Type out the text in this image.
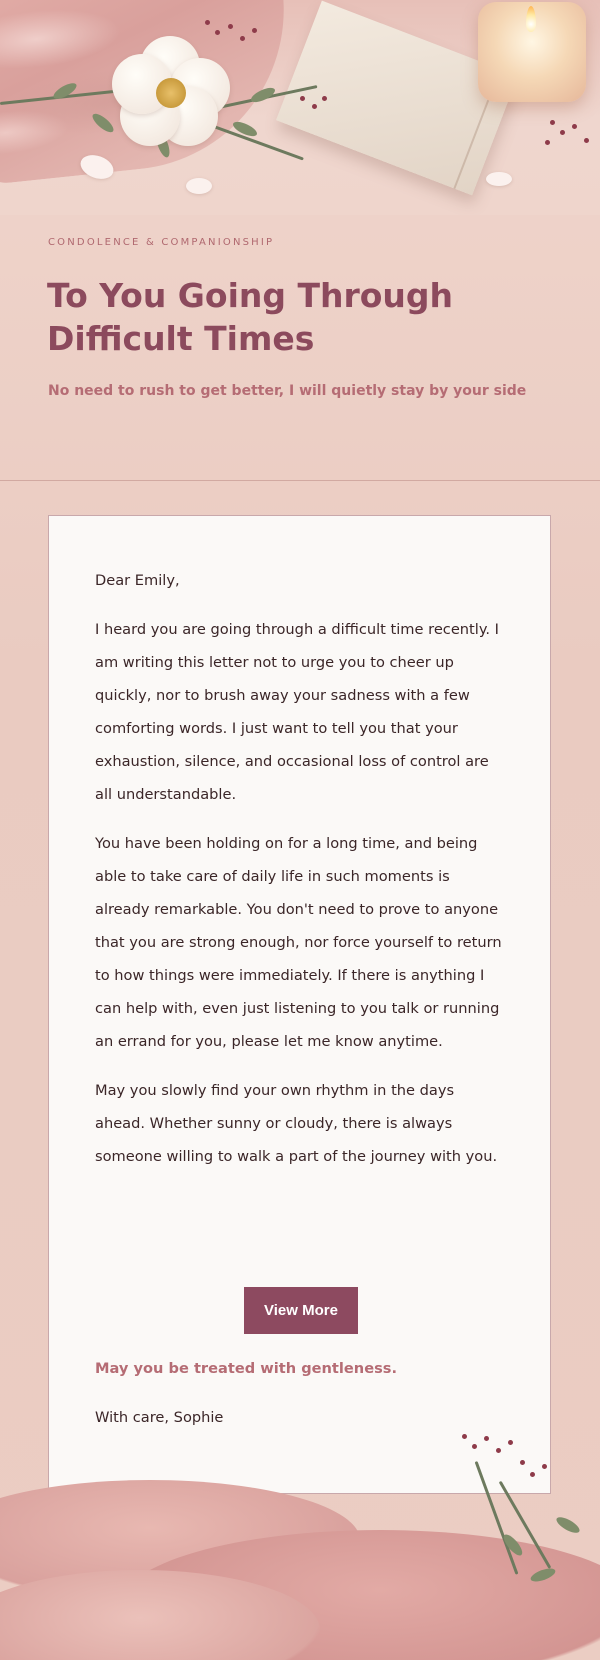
CONDOLENCE & COMPANIONSHIP
To You Going Through Difficult Times

No need to rush to get better, I will quietly stay by your side

Dear Emily,

I heard you are going through a difficult time recently. I am writing this letter not to urge you to cheer up quickly, nor to brush away your sadness with a few comforting words. I just want to tell you that your exhaustion, silence, and occasional loss of control are all understandable.

You have been holding on for a long time, and being able to take care of daily life in such moments is already remarkable. You don't need to prove to anyone that you are strong enough, nor force yourself to return to how things were immediately. If there is anything I can help with, even just listening to you talk or running an errand for you, please let me know anytime.

May you slowly find your own rhythm in the days ahead. Whether sunny or cloudy, there is always someone willing to walk a part of the journey with you.

View More
May you be treated with gentleness.
With care, Sophie
